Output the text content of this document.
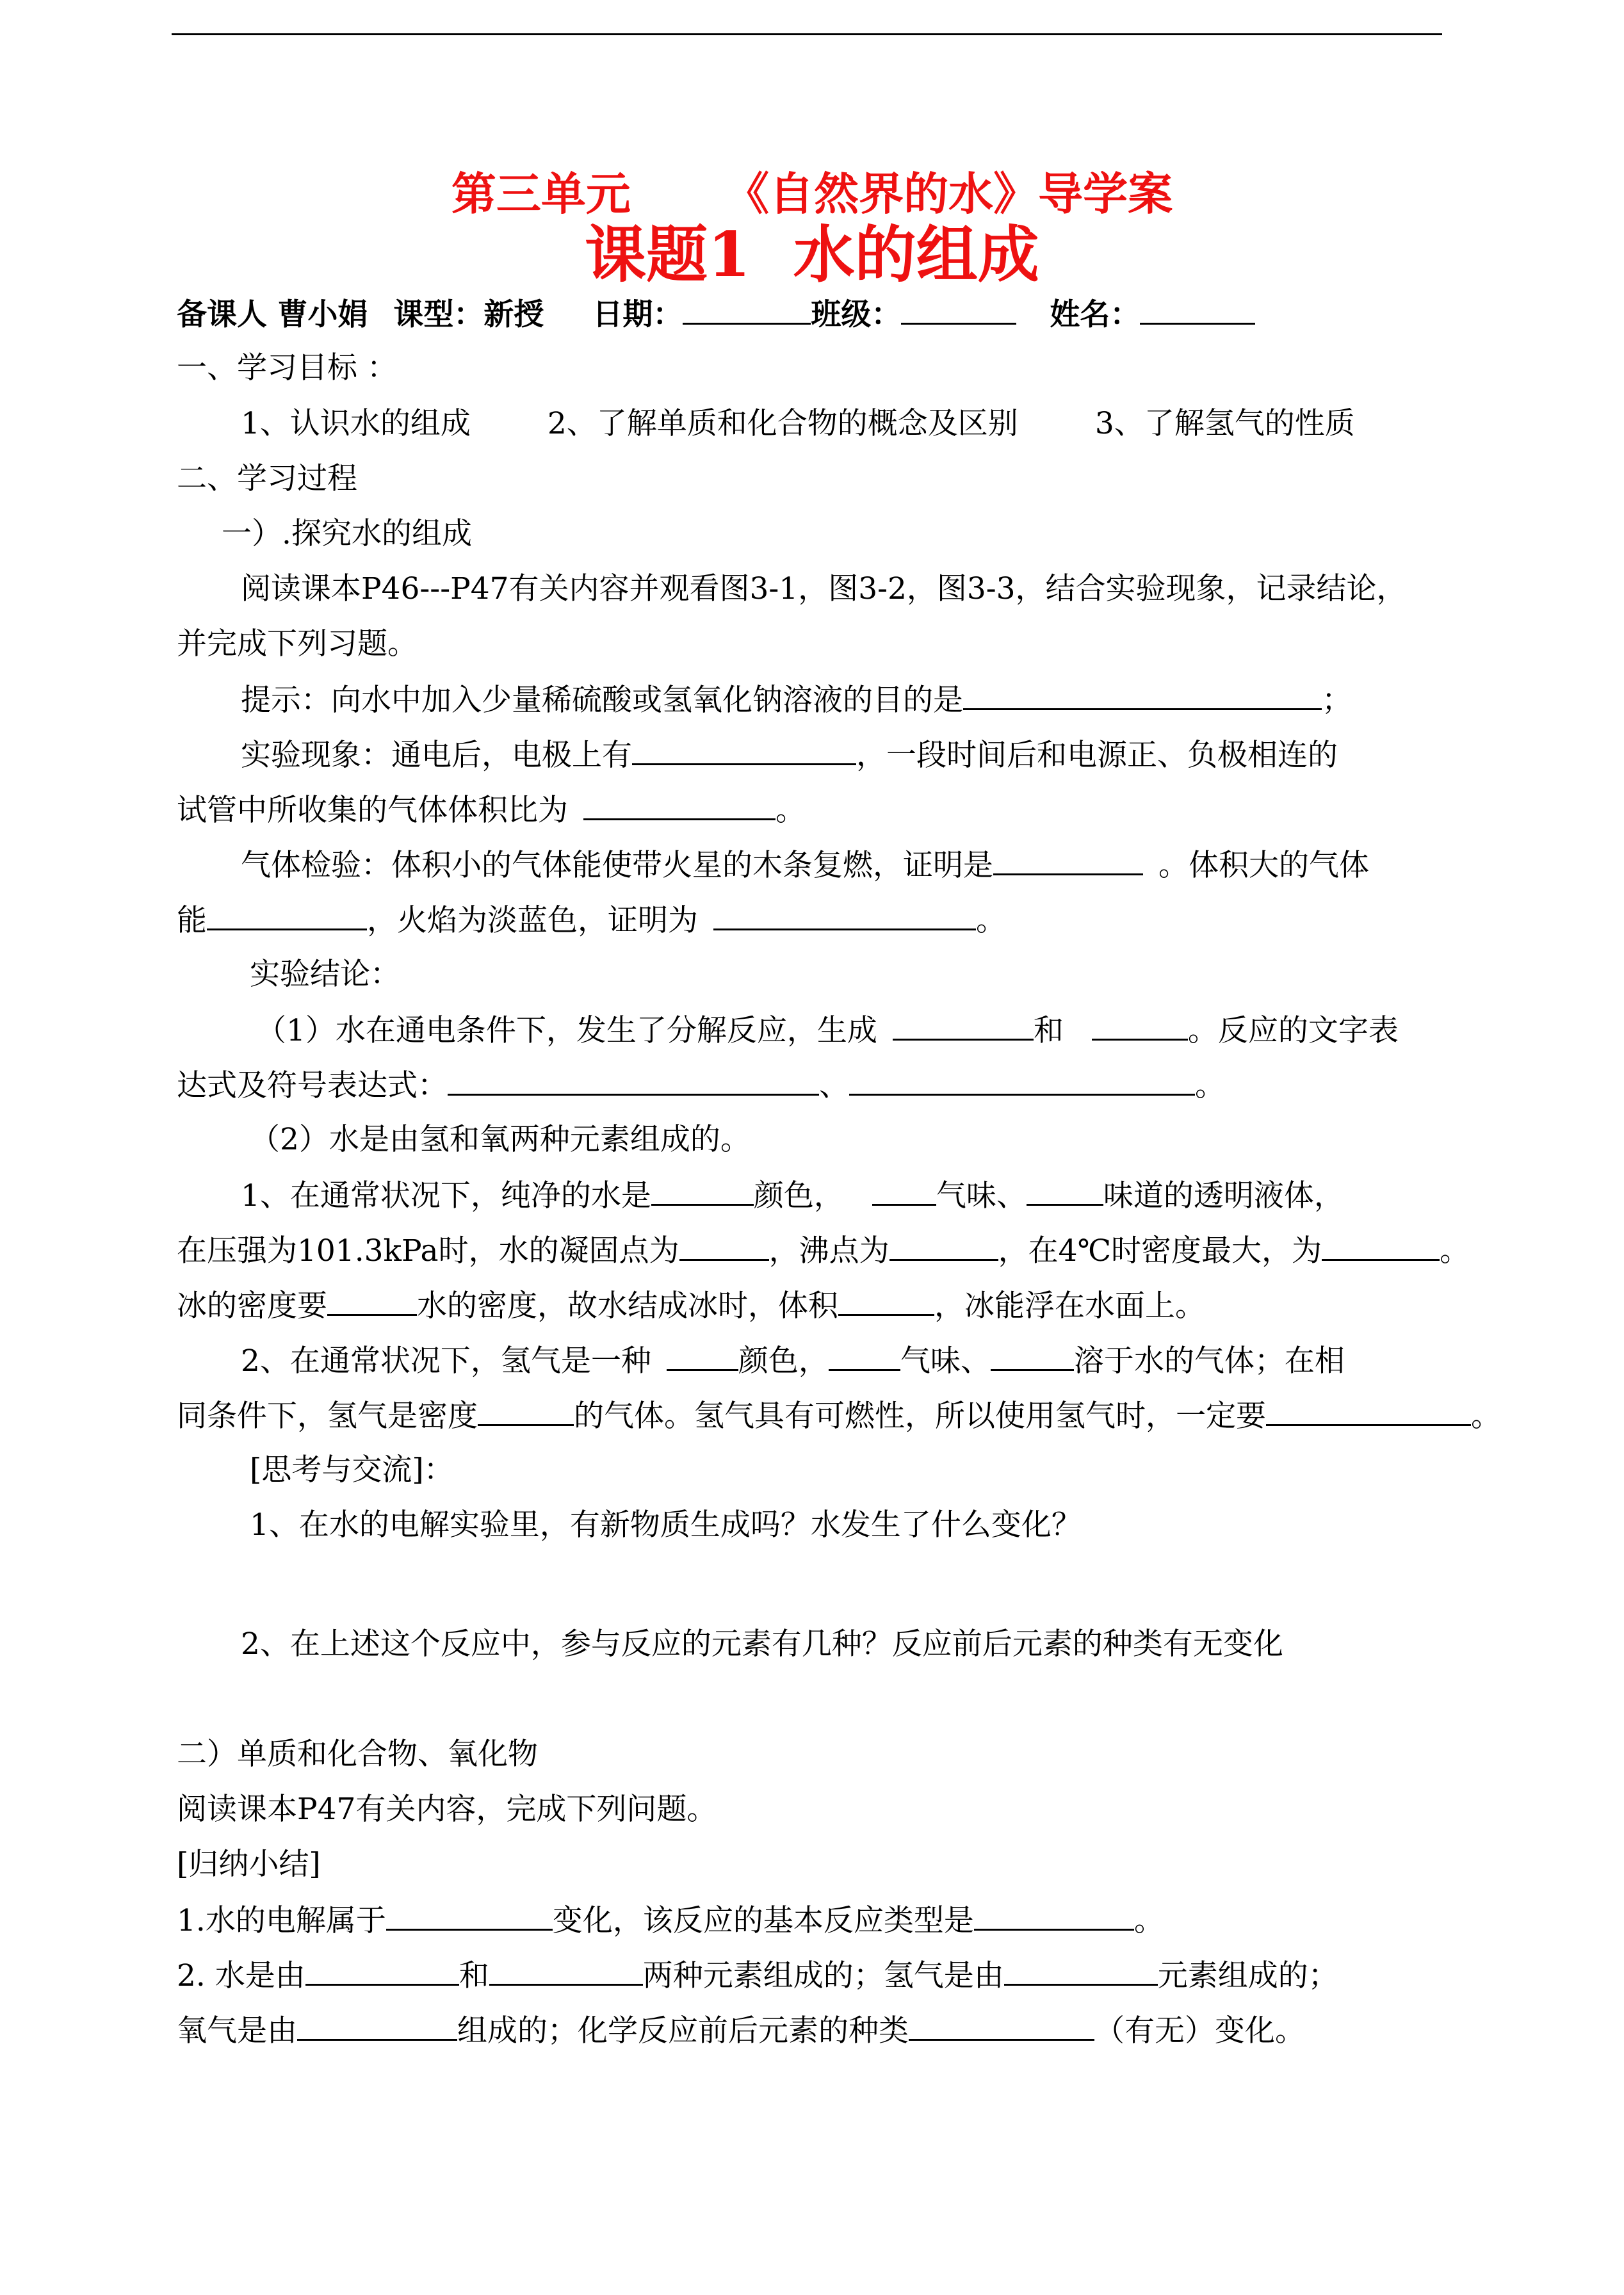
第三单元      《自然界的水》导学案
课题1  水的组成
备课人 曹小娟 课型：新授 日期：	班级：	姓名：
一、学习目标 ：
1、认识水的组成	2、了解单质和化合物的概念及区别	3、了解氢气的性质
二、学习过程
一）.探究水的组成
阅读课本P46---P47有关内容并观看图3-1，图3-2，图3-3，结合实验现象，记录结论，
并完成下列习题。
提示：向水中加入少量稀硫酸或氢氧化钠溶液的目的是	；
实验现象：通电后，电极上有	，一段时间后和电源正、负极相连的
试管中所收集的气体体积比为	。
气体检验：体积小的气体能使带火星的木条复燃，证明是	。体积大的气体
能	，火焰为淡蓝色，证明为	。
实验结论：
（1）水在通电条件下，发生了分解反应，生成	和	。反应的文字表
达式及符号表达式：	、	。
（2）水是由氢和氧两种元素组成的。
1、在通常状况下，纯净的水是	颜色，	气味、	味道的透明液体，
在压强为101.3kPa时，水的凝固点为	，沸点为	，在4℃时密度最大，为	。
冰的密度要	水的密度，故水结成冰时，体积	，冰能浮在水面上。
2、在通常状况下，氢气是一种	颜色， 气味、	溶于水的气体；在相
同条件下，氢气是密度	的气体。氢气具有可燃性，所以使用氢气时，一定要	。
[思考与交流]：
1、在水的电解实验里，有新物质生成吗？水发生了什么变化？
2、在上述这个反应中，参与反应的元素有几种？反应前后元素的种类有无变化
二）单质和化合物、氧化物
阅读课本P47有关内容，完成下列问题。
[归纳小结]
1.水的电解属于	变化，该反应的基本反应类型是	。
2. 水是由	和	两种元素组成的；氢气是由	元素组成的；
氧气是由	组成的；化学反应前后元素的种类	（有无）变化。
